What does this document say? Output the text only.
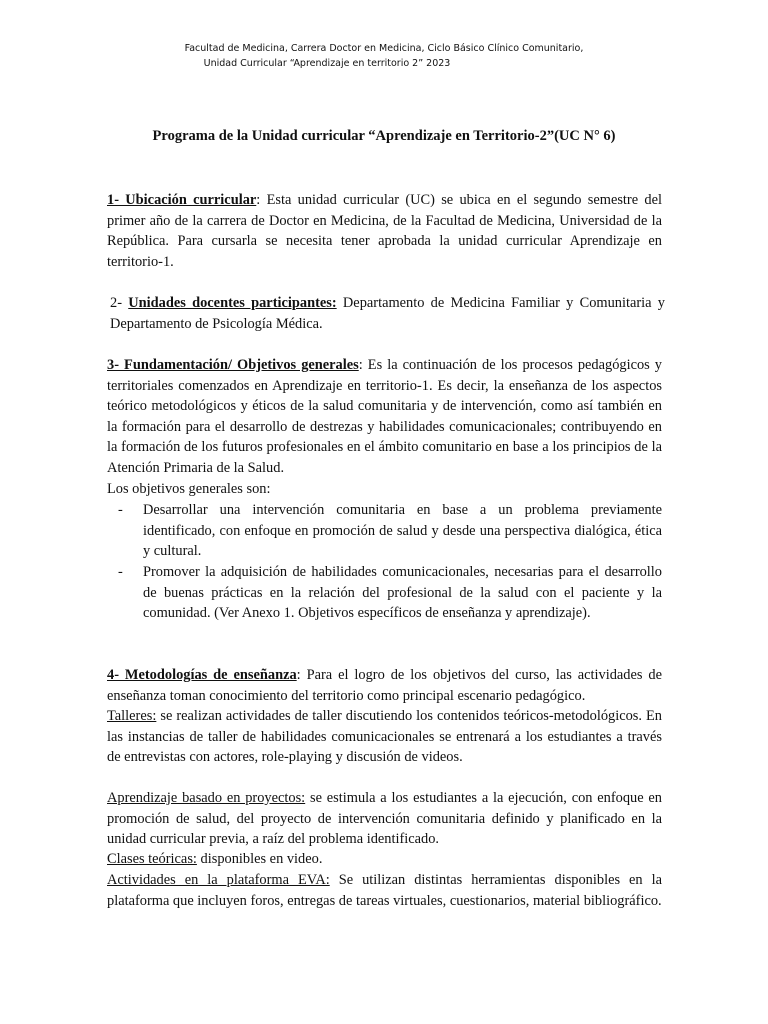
Facultad de Medicina, Carrera Doctor en Medicina, Ciclo Básico Clínico Comunitario,
Unidad Curricular “Aprendizaje en territorio 2” 2023
Programa de la Unidad curricular “Aprendizaje en Territorio-2”(UC N° 6)
1- Ubicación curricular: Esta unidad curricular (UC) se ubica en el segundo semestre del primer año de la carrera de Doctor en Medicina, de la Facultad de Medicina, Universidad de la República. Para cursarla se necesita tener aprobada la unidad curricular Aprendizaje en territorio-1.
2- Unidades docentes participantes: Departamento de Medicina Familiar y Comunitaria y Departamento de Psicología Médica.
3- Fundamentación/ Objetivos generales: Es la continuación de los procesos pedagógicos y territoriales comenzados en Aprendizaje en territorio-1. Es decir, la enseñanza de los aspectos teórico metodológicos y éticos de la salud comunitaria y de intervención, como así también en la formación para el desarrollo de destrezas y habilidades comunicacionales; contribuyendo en la formación de los futuros profesionales en el ámbito comunitario en base a los principios de la Atención Primaria de la Salud.
Los objetivos generales son:
- Desarrollar una intervención comunitaria en base a un problema previamente identificado, con enfoque en promoción de salud y desde una perspectiva dialógica, ética y cultural.
- Promover la adquisición de habilidades comunicacionales, necesarias para el desarrollo de buenas prácticas en la relación del profesional de la salud con el paciente y la comunidad. (Ver Anexo 1. Objetivos específicos de enseñanza y aprendizaje).
4- Metodologías de enseñanza: Para el logro de los objetivos del curso, las actividades de enseñanza toman conocimiento del territorio como principal escenario pedagógico.
Talleres: se realizan actividades de taller discutiendo los contenidos teóricos-metodológicos. En las instancias de taller de habilidades comunicacionales se entrenará a los estudiantes a través de entrevistas con actores, role-playing y discusión de videos.
Aprendizaje basado en proyectos: se estimula a los estudiantes a la ejecución, con enfoque en promoción de salud, del proyecto de intervención comunitaria definido y planificado en la unidad curricular previa, a raíz del problema identificado.
Clases teóricas: disponibles en video.
Actividades en la plataforma EVA: Se utilizan distintas herramientas disponibles en la plataforma que incluyen foros, entregas de tareas virtuales, cuestionarios, material bibliográfico.
